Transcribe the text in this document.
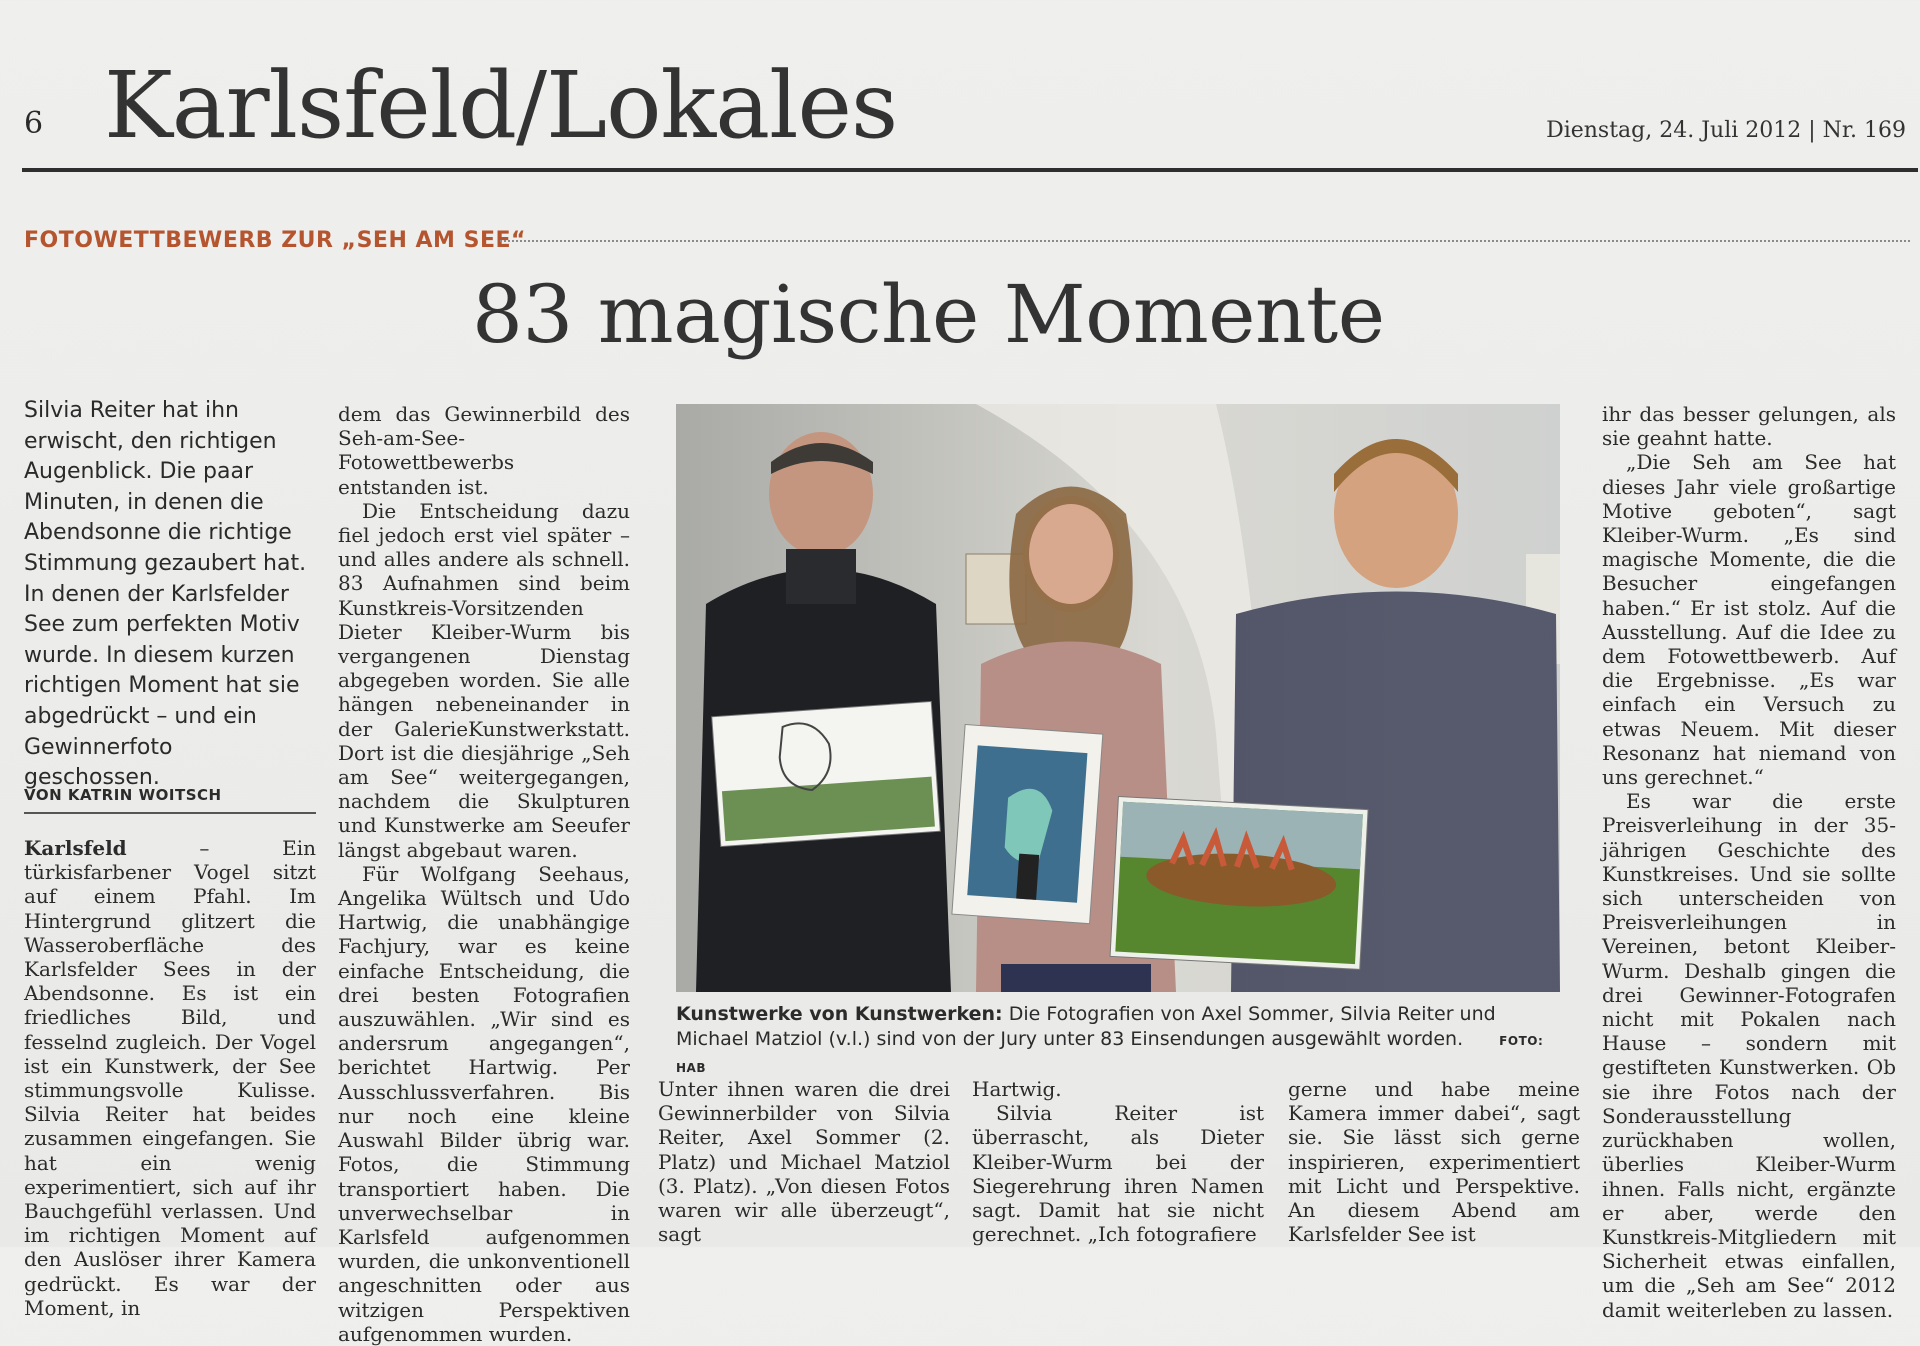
6 Karlsfeld/Lokales	Dienstag, 24. Juli 2012 | Nr. 169
FOTOWETTBEWERB ZUR „SEH AM SEE“
83 magische Momente
Silvia Reiter hat ihn erwischt, den richtigen Augenblick. Die paar Minuten, in denen die Abendsonne die richtige Stimmung gezaubert hat. In denen der Karlsfelder See zum perfekten Motiv wurde. In diesem kurzen richtigen Moment hat sie abgedrückt – und ein Gewinnerfoto geschossen.
VON KATRIN WOITSCH

Karlsfeld	– Ein türkisfarbener Vogel sitzt auf einem Pfahl. Im Hintergrund glitzert die Wasseroberfläche des Karlsfelder Sees in der Abendsonne. Es ist ein friedliches Bild, und fesselnd zugleich. Der Vogel ist ein Kunstwerk, der See stimmungsvolle Kulisse. Silvia Reiter hat beides zusammen eingefangen. Sie hat ein wenig experimentiert, sich auf ihr Bauchgefühl verlassen. Und im richtigen Moment auf den Auslöser ihrer Kamera gedrückt. Es war der Moment, in

dem das Gewinnerbild des Seh-am-See-Fotowettbewerbs entstanden ist.

Die Entscheidung dazu fiel jedoch erst viel später – und alles andere als schnell. 83 Aufnahmen sind beim Kunstkreis-Vorsitzenden Dieter Kleiber-Wurm bis vergangenen Dienstag abgegeben worden. Sie alle hängen nebeneinander in der GalerieKunstwerkstatt. Dort ist die diesjährige „Seh am See“ weitergegangen, nachdem die Skulpturen und Kunstwerke am Seeufer längst abgebaut waren.

Für Wolfgang Seehaus, Angelika Wültsch und Udo Hartwig, die unabhängige Fachjury, war es keine einfache Entscheidung, die drei besten Fotografien auszuwählen. „Wir sind es andersrum angegangen“, berichtet Hartwig. Per Ausschlussverfahren. Bis nur noch eine kleine Auswahl Bilder übrig war. Fotos, die Stimmung transportiert haben. Die unverwechselbar in Karlsfeld aufgenommen wurden, die unkonventionell angeschnitten oder aus witzigen Perspektiven aufgenommen wurden.

Kunstwerke von Kunstwerken: Die Fotografien von Axel Sommer, Silvia Reiter und Michael Matziol (v.l.) sind von der Jury unter 83 Einsendungen ausgewählt worden.	FOTO: HAB

Unter ihnen waren die drei Gewinnerbilder von Silvia Reiter, Axel Sommer (2. Platz) und Michael Matziol (3. Platz). „Von diesen Fotos waren wir alle überzeugt“, sagt

Hartwig.

Silvia Reiter ist überrascht, als Dieter Kleiber-Wurm bei der Siegerehrung ihren Namen sagt. Damit hat sie nicht gerechnet. „Ich fotografiere

gerne und habe meine Kamera immer dabei“, sagt sie. Sie lässt sich gerne inspirieren, experimentiert mit Licht und Perspektive. An diesem Abend am Karlsfelder See ist

ihr das besser gelungen, als sie geahnt hatte.

„Die Seh am See hat dieses Jahr viele großartige Motive geboten“, sagt Kleiber-Wurm. „Es sind magische Momente, die die Besucher eingefangen haben.“ Er ist stolz. Auf die Ausstellung. Auf die Idee zu dem Fotowettbewerb. Auf die Ergebnisse. „Es war einfach ein Versuch zu etwas Neuem. Mit dieser Resonanz hat niemand von uns gerechnet.“

Es war die erste Preisverleihung in der 35-jährigen Geschichte des Kunstkreises. Und sie sollte sich unterscheiden von Preisverleihungen in Vereinen, betont Kleiber-Wurm. Deshalb gingen die drei Gewinner-Fotografen nicht mit Pokalen nach Hause – sondern mit gestifteten Kunstwerken. Ob sie ihre Fotos nach der Sonderausstellung zurückhaben wollen, überlies Kleiber-Wurm ihnen. Falls nicht, ergänzte er aber, werde den Kunstkreis-Mitgliedern mit Sicherheit etwas einfallen, um die „Seh am See“ 2012 damit weiterleben zu lassen.
